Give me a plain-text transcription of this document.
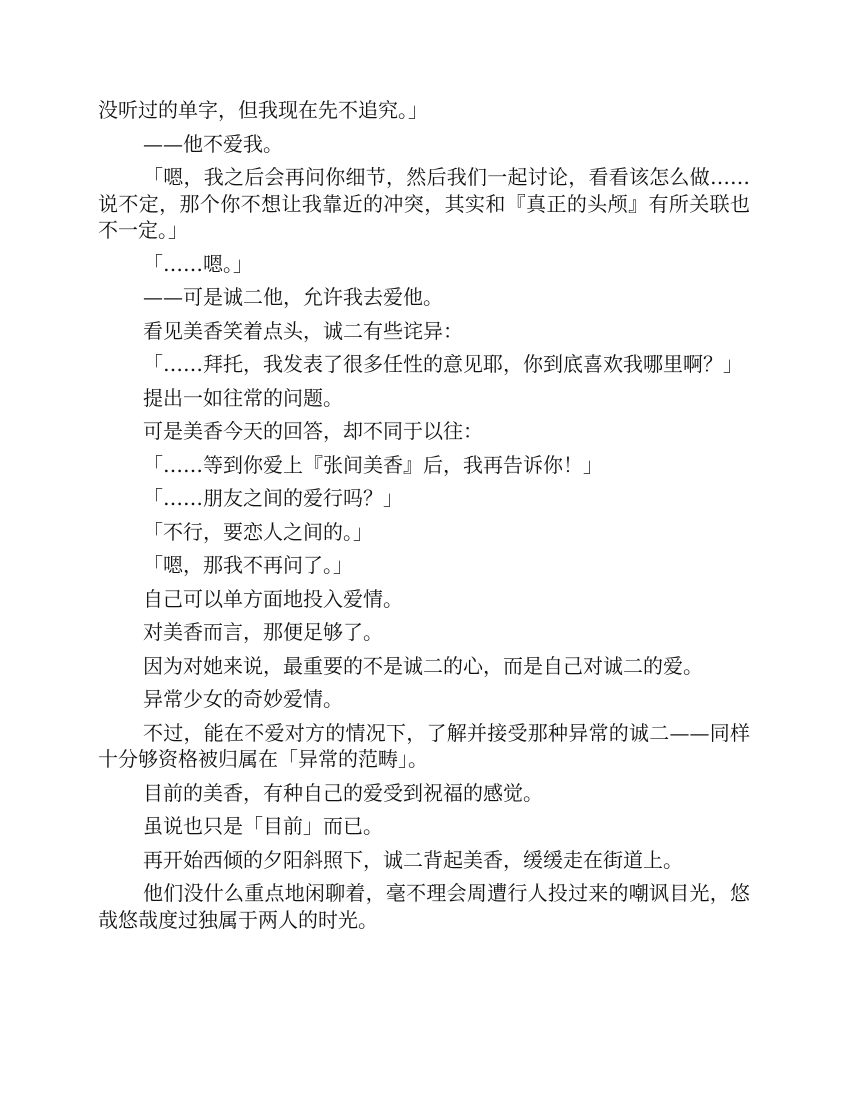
没听过的单字，但我现在先不追究。」

——他不爱我。

「嗯，我之后会再问你细节，然后我们一起讨论，看看该怎么做……说不定，那个你不想让我靠近的冲突，其实和『真正的头颅』有所关联也不一定。」

「……嗯。」

——可是诚二他，允许我去爱他。

看见美香笑着点头，诚二有些诧异：

「……拜托，我发表了很多任性的意见耶，你到底喜欢我哪里啊？」

提出一如往常的问题。

可是美香今天的回答，却不同于以往：

「……等到你爱上『张间美香』后，我再告诉你！」

「……朋友之间的爱行吗？」

「不行，要恋人之间的。」

「嗯，那我不再问了。」

自己可以单方面地投入爱情。

对美香而言，那便足够了。

因为对她来说，最重要的不是诚二的心，而是自己对诚二的爱。

异常少女的奇妙爱情。

不过，能在不爱对方的情况下，了解并接受那种异常的诚二——同样十分够资格被归属在「异常的范畴」。

目前的美香，有种自己的爱受到祝福的感觉。

虽说也只是「目前」而已。

再开始西倾的夕阳斜照下，诚二背起美香，缓缓走在街道上。

他们没什么重点地闲聊着，毫不理会周遭行人投过来的嘲讽目光，悠哉悠哉度过独属于两人的时光。
